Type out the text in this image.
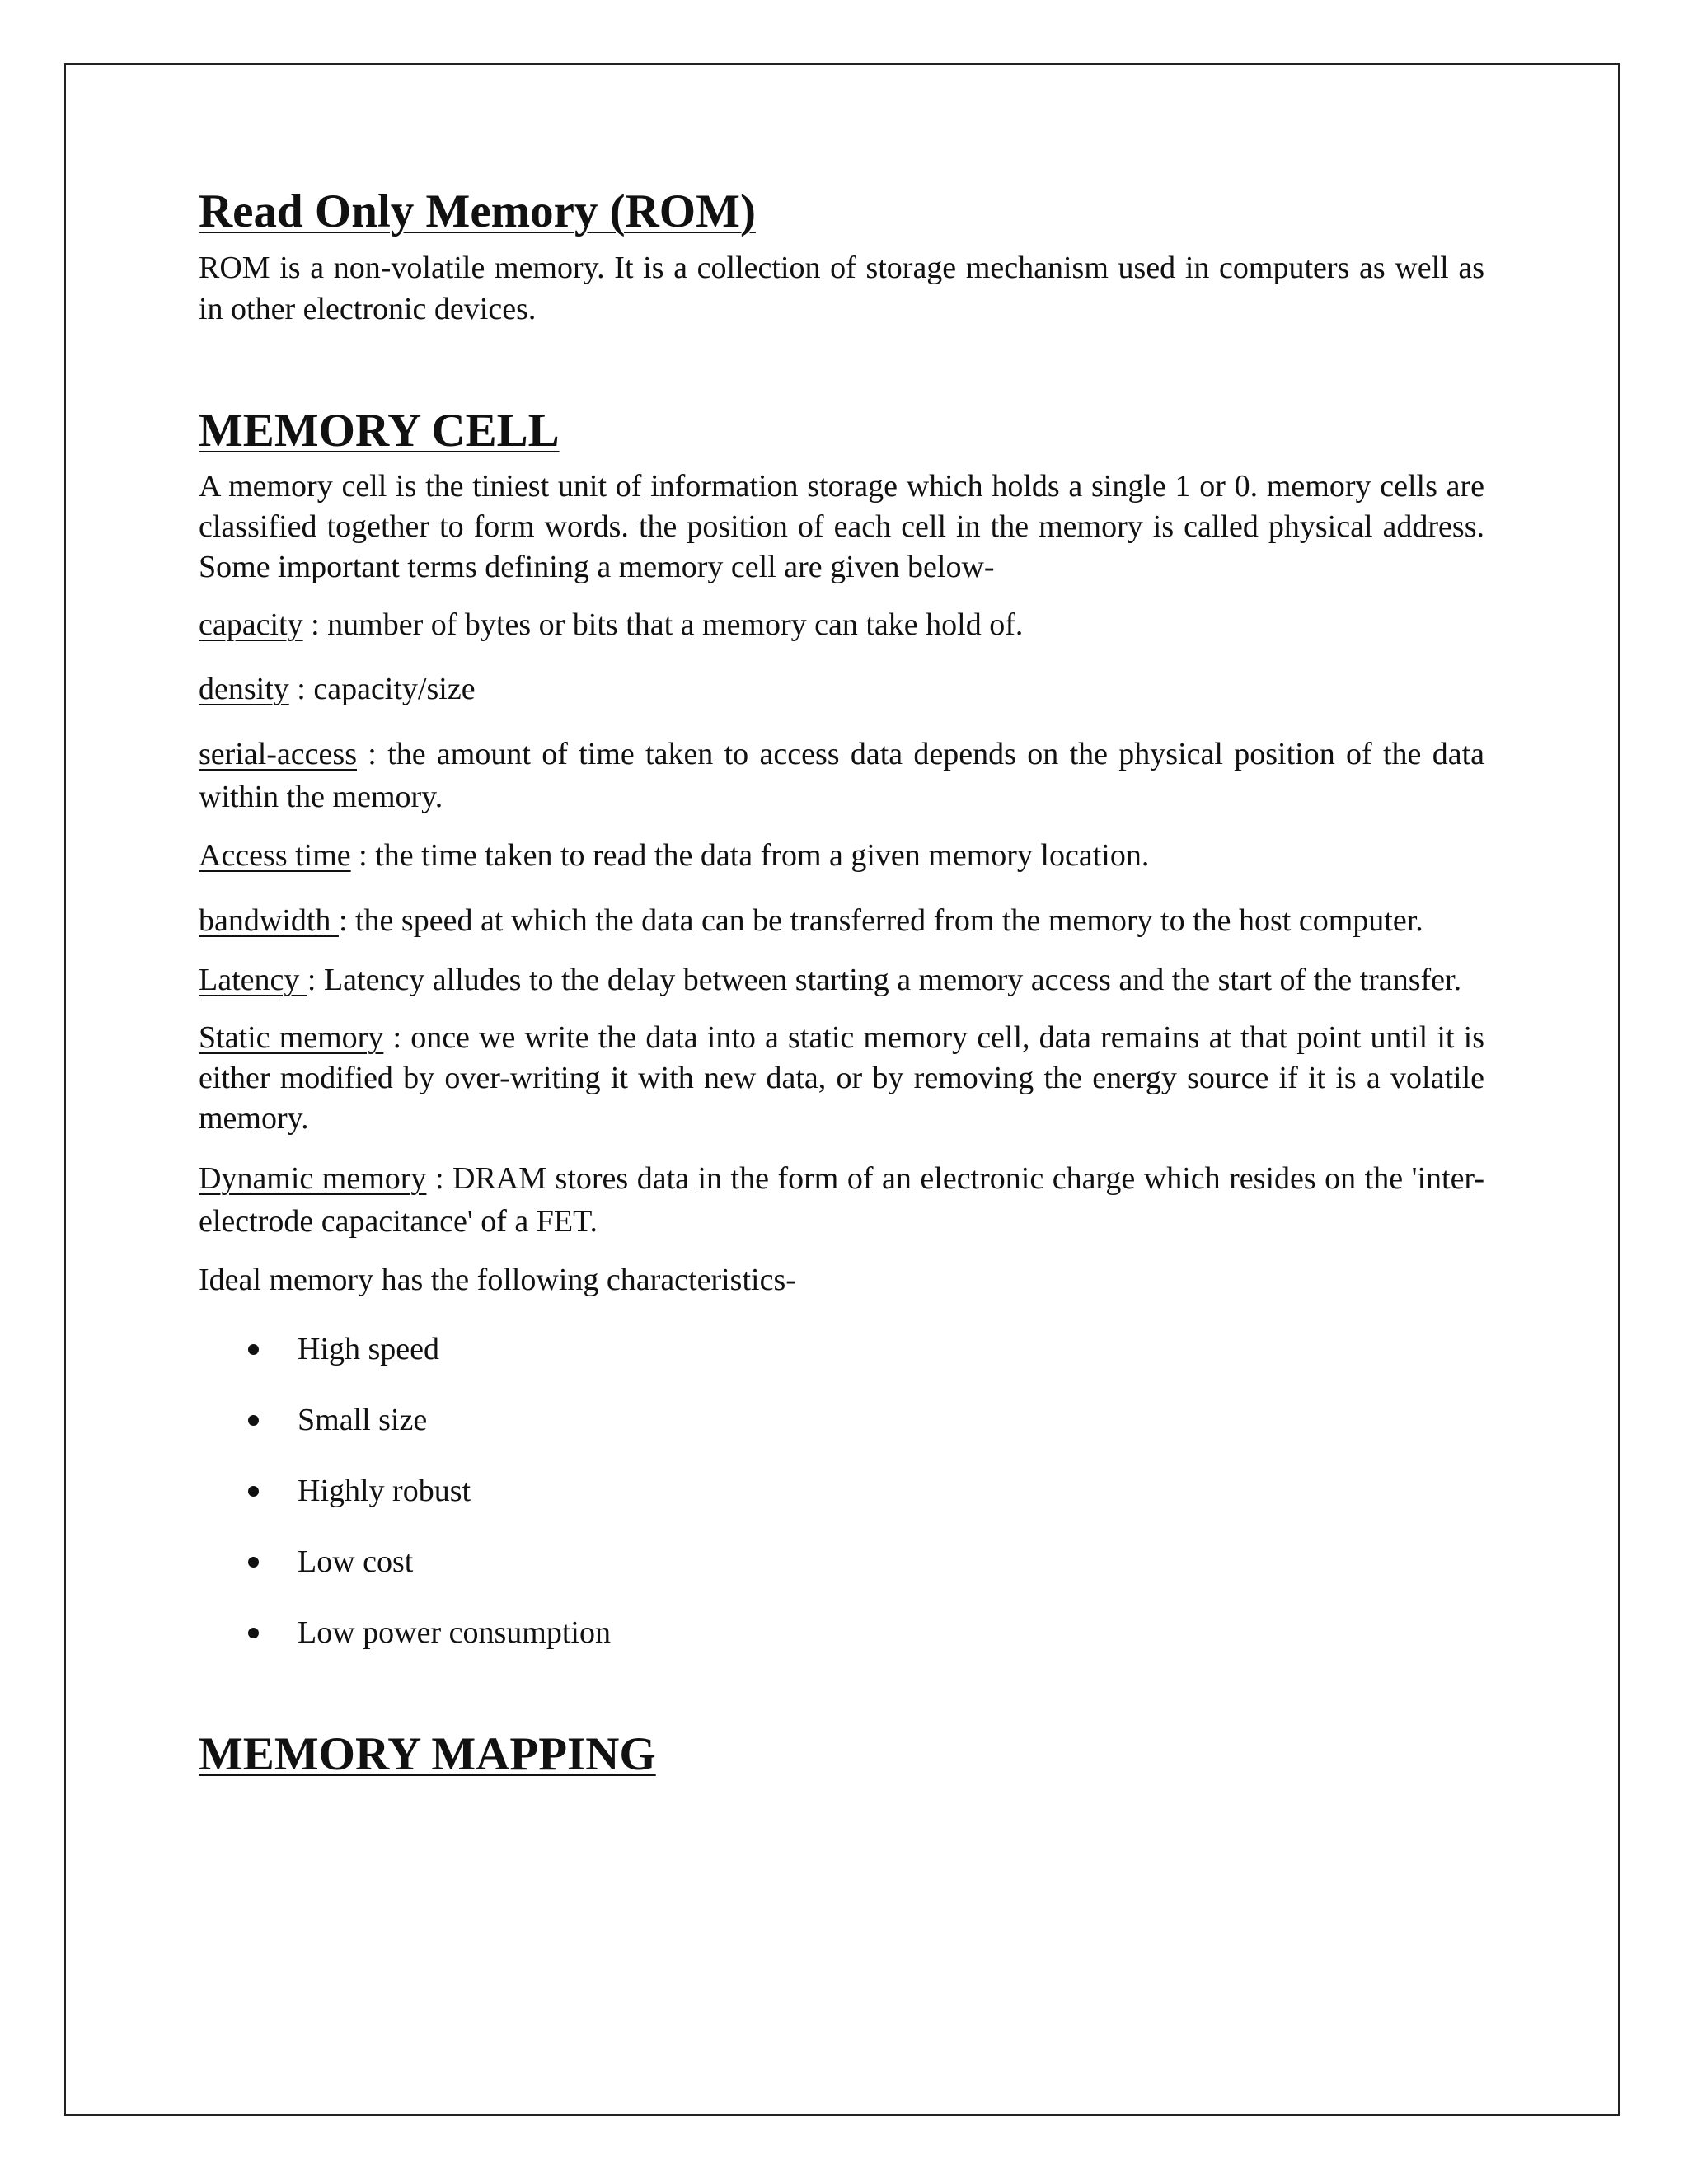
Read Only Memory (ROM)

ROM is a non-volatile memory. It is a collection of storage mechanism used in computers as well as in other electronic devices.

MEMORY CELL

A memory cell is the tiniest unit of information storage which holds a single 1 or 0. memory cells are classified together to form words. the position of each cell in the memory is called physical address. Some important terms defining a memory cell are given below-

capacity : number of bytes or bits that a memory can take hold of.

density : capacity/size

serial-access : the amount of time taken to access data depends on the physical position of the data within the memory.

Access time : the time taken to read the data from a given memory location.

bandwidth : the speed at which the data can be transferred from the memory to the host computer.

Latency : Latency alludes to the delay between starting a memory access and the start of the transfer.

Static memory : once we write the data into a static memory cell, data remains at that point until it is either modified by over-writing it with new data, or by removing the energy source if it is a volatile memory.

Dynamic memory : DRAM stores data in the form of an electronic charge which resides on the 'inter-electrode capacitance' of a FET.

Ideal memory has the following characteristics-

High speed
Small size
Highly robust
Low cost
Low power consumption
MEMORY MAPPING
